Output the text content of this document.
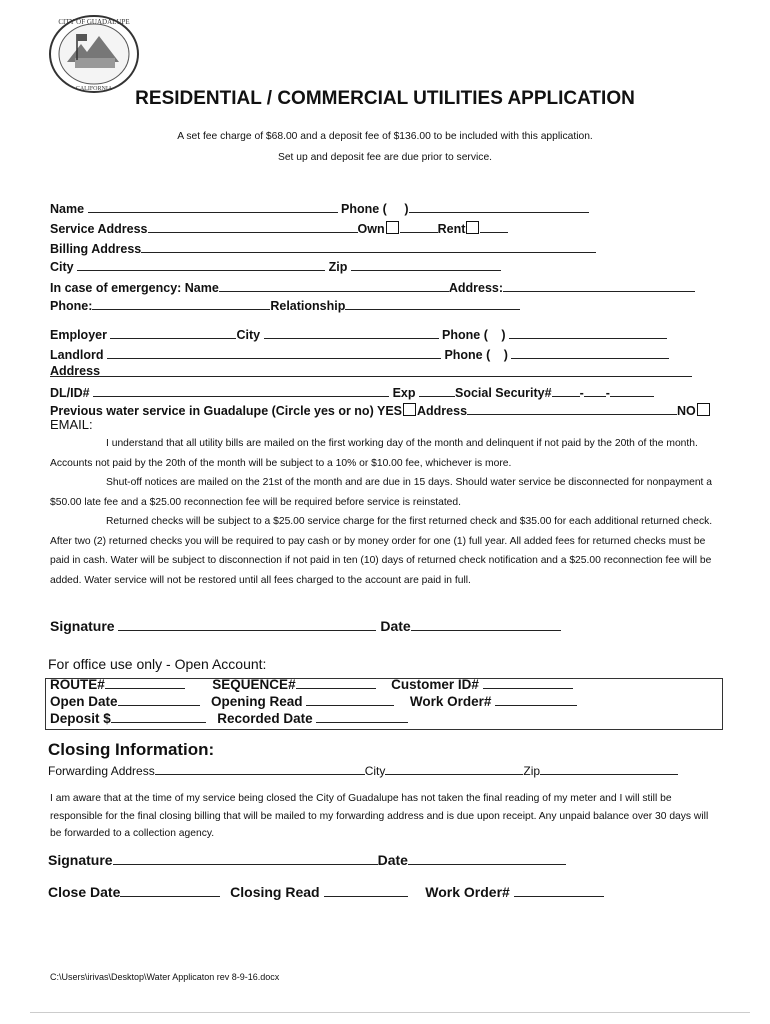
CITY OF GUADALUPE
CALIFORNIA	RESIDENTIAL / COMMERCIAL UTILITIES APPLICATION
A set fee charge of $68.00 and a deposit fee of $136.00 to be included with this application.
Set up and deposit fee are due prior to service.
Name	Phone ( )
Service Address	Own	Rent
Billing Address
City	Zip
In case of emergency: Name	Address:
Phone:	Relationship
Employer	City	Phone ( )
Landlord	Phone ( )
Address
DL/ID#	Exp	Social Security# - -
Previous water service in Guadalupe (Circle yes or no) YES Address	NO
EMAIL:

I understand that all utility bills are mailed on the first working day of the month and delinquent if not paid by the 20th of the month. Accounts not paid by the 20th of the month will be subject to a 10% or $10.00 fee, whichever is more.

Shut-off notices are mailed on the 21st of the month and are due in 15 days. Should water service be disconnected for nonpayment a $50.00 late fee and a $25.00 reconnection fee will be required before service is reinstated.

Returned checks will be subject to a $25.00 service charge for the first returned check and $35.00 for each additional returned check. After two (2) returned checks you will be required to pay cash or by money order for one (1) full year. All added fees for returned checks must be paid in cash. Water will be subject to disconnection if not paid in ten (10) days of returned check notification and a $25.00 reconnection fee will be added. Water service will not be restored until all fees charged to the account are paid in full.

Signature	Date
For office use only - Open Account:
ROUTE#	SEQUENCE#	Customer ID#
Open Date	Opening Read	Work Order#
Deposit $	Recorded Date
Closing Information:
Forwarding Address	City	Zip
I am aware that at the time of my service being closed the City of Guadalupe has not taken the final reading of my meter and I will still be responsible for the final closing billing that will be mailed to my forwarding address and is due upon receipt. Any unpaid balance over 30 days will be forwarded to a collection agency.
Signature	Date
Close Date	Closing Read	Work Order#
C:\Users\irivas\Desktop\Water Applicaton rev 8-9-16.docx
